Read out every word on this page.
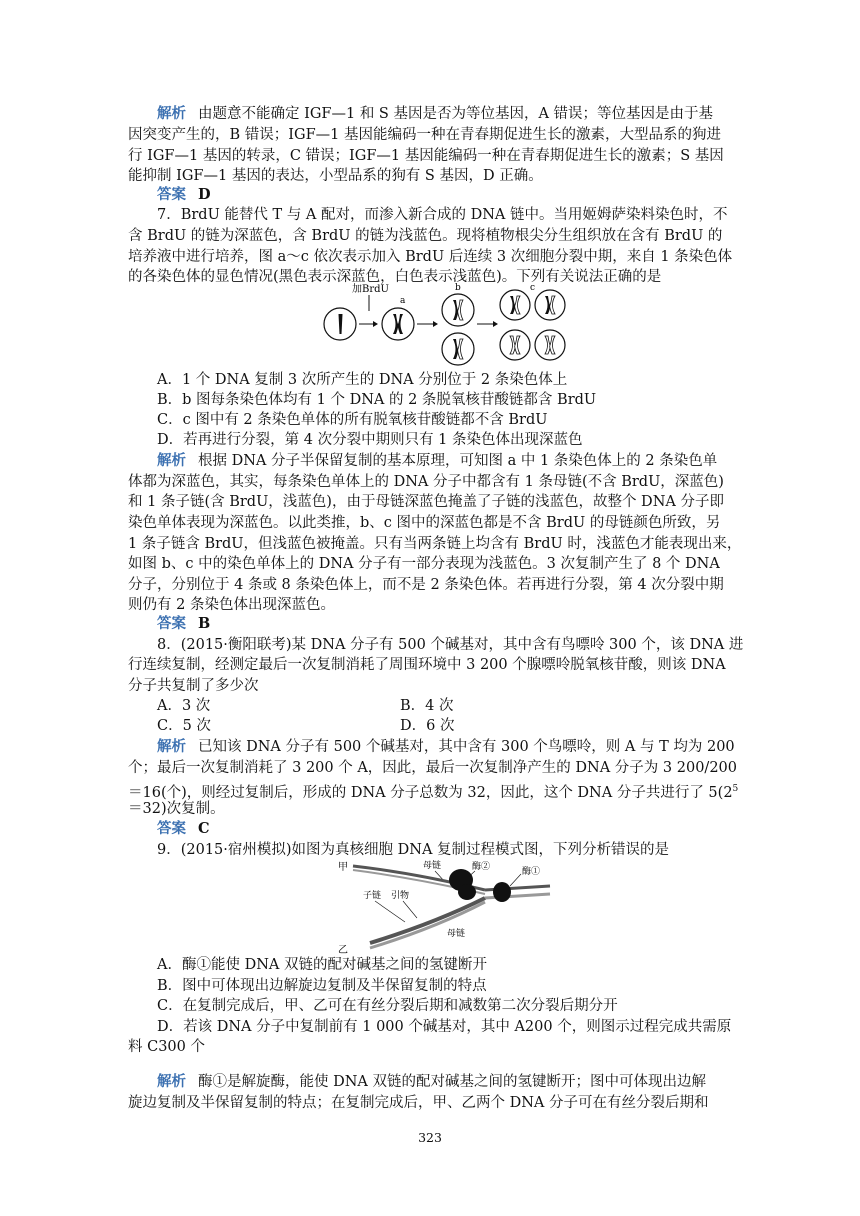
解析 由题意不能确定 IGF—1 和 S 基因是否为等位基因，A 错误；等位基因是由于基
因突变产生的，B 错误；IGF—1 基因能编码一种在青春期促进生长的激素，大型品系的狗进
行 IGF—1 基因的转录，C 错误；IGF—1 基因能编码一种在青春期促进生长的激素；S 基因
能抑制 IGF—1 基因的表达，小型品系的狗有 S 基因，D 正确。
答案 D
7．BrdU 能替代 T 与 A 配对，而渗入新合成的 DNA 链中。当用姬姆萨染料染色时，不
含 BrdU 的链为深蓝色，含 BrdU 的链为浅蓝色。现将植物根尖分生组织放在含有 BrdU 的
培养液中进行培养，图 a～c 依次表示加入 BrdU 后连续 3 次细胞分裂中期，来自 1 条染色体
的各染色体的显色情况(黑色表示深蓝色，白色表示浅蓝色)。下列有关说法正确的是
加BrdU
a
b	c
A．1 个 DNA 复制 3 次所产生的 DNA 分别位于 2 条染色体上
B．b 图每条染色体均有 1 个 DNA 的 2 条脱氧核苷酸链都含 BrdU
C．c 图中有 2 条染色单体的所有脱氧核苷酸链都不含 BrdU
D．若再进行分裂，第 4 次分裂中期则只有 1 条染色体出现深蓝色
解析 根据 DNA 分子半保留复制的基本原理，可知图 a 中 1 条染色体上的 2 条染色单
体都为深蓝色，其实，每条染色单体上的 DNA 分子中都含有 1 条母链(不含 BrdU，深蓝色)
和 1 条子链(含 BrdU，浅蓝色)，由于母链深蓝色掩盖了子链的浅蓝色，故整个 DNA 分子即
染色单体表现为深蓝色。以此类推，b、c 图中的深蓝色都是不含 BrdU 的母链颜色所致，另
1 条子链含 BrdU，但浅蓝色被掩盖。只有当两条链上均含有 BrdU 时，浅蓝色才能表现出来，
如图 b、c 中的染色单体上的 DNA 分子有一部分表现为浅蓝色。3 次复制产生了 8 个 DNA
分子，分别位于 4 条或 8 条染色体上，而不是 2 条染色体。若再进行分裂，第 4 次分裂中期
则仍有 2 条染色体出现深蓝色。
答案 B
8．(2015·衡阳联考)某 DNA 分子有 500 个碱基对，其中含有鸟嘌呤 300 个，该 DNA 进
行连续复制，经测定最后一次复制消耗了周围环境中 3 200 个腺嘌呤脱氧核苷酸，则该 DNA
分子共复制了多少次
A．3 次	B．4 次
C．5 次	D．6 次
解析 已知该 DNA 分子有 500 个碱基对，其中含有 300 个鸟嘌呤，则 A 与 T 均为 200
个；最后一次复制消耗了 3 200 个 A，因此，最后一次复制净产生的 DNA 分子为 3 200/200
＝16(个)，则经过复制后，形成的 DNA 分子总数为 32，因此，这个 DNA 分子共进行了 $5(2^5$
＝32)次复制。
答案 C
9．(2015·宿州模拟)如图为真核细胞 DNA 复制过程模式图，下列分析错误的是
甲	母链	酶②	酶①
子链 引物
母链
乙
A．酶①能使 DNA 双链的配对碱基之间的氢键断开
B．图中可体现出边解旋边复制及半保留复制的特点
C．在复制完成后，甲、乙可在有丝分裂后期和减数第二次分裂后期分开
D．若该 DNA 分子中复制前有 1 000 个碱基对，其中 A200 个，则图示过程完成共需原
料 C300 个
解析 酶①是解旋酶，能使 DNA 双链的配对碱基之间的氢键断开；图中可体现出边解
旋边复制及半保留复制的特点；在复制完成后，甲、乙两个 DNA 分子可在有丝分裂后期和
323
